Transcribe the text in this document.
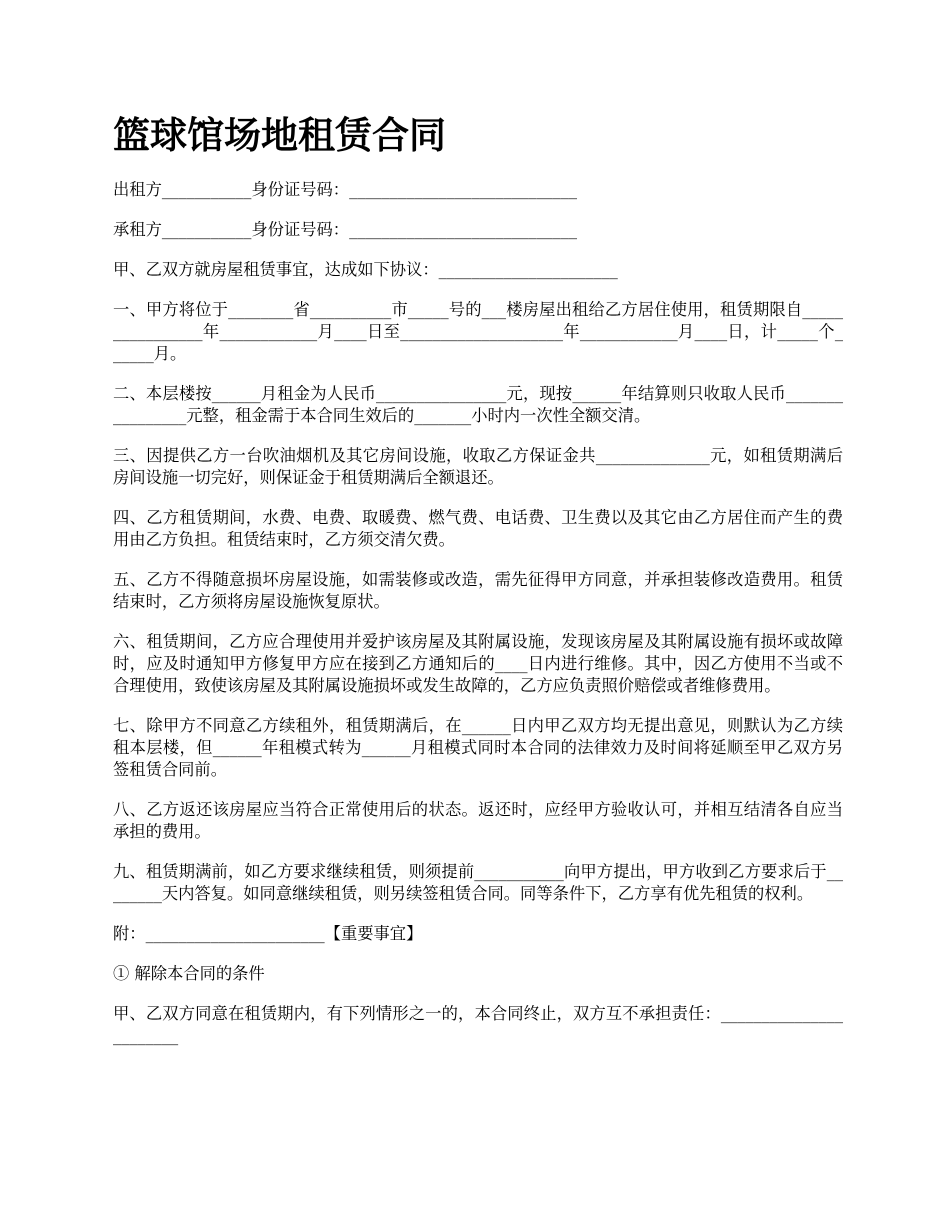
篮球馆场地租赁合同

出租方___________身份证号码：____________________________

承租方___________身份证号码：____________________________

甲、乙双方就房屋租赁事宜，达成如下协议：______________________

一、甲方将位于________省__________市_____号的___楼房屋出租给乙方居住使用，租赁期限自________________年____________月____日至____________________年____________月____日，计_____个______月。

二、本层楼按______月租金为人民币________________元，现按______年结算则只收取人民币________________元整，租金需于本合同生效后的_______小时内一次性全额交清。

三、因提供乙方一台吹油烟机及其它房间设施，收取乙方保证金共______________元，如租赁期满后房间设施一切完好，则保证金于租赁期满后全额退还。

四、乙方租赁期间，水费、电费、取暖费、燃气费、电话费、卫生费以及其它由乙方居住而产生的费用由乙方负担。租赁结束时，乙方须交清欠费。

五、乙方不得随意损坏房屋设施，如需装修或改造，需先征得甲方同意，并承担装修改造费用。租赁结束时，乙方须将房屋设施恢复原状。

六、租赁期间，乙方应合理使用并爱护该房屋及其附属设施，发现该房屋及其附属设施有损坏或故障时，应及时通知甲方修复甲方应在接到乙方通知后的____日内进行维修。其中，因乙方使用不当或不合理使用，致使该房屋及其附属设施损坏或发生故障的，乙方应负责照价赔偿或者维修费用。

七、除甲方不同意乙方续租外，租赁期满后，在______日内甲乙双方均无提出意见，则默认为乙方续租本层楼，但______年租模式转为______月租模式同时本合同的法律效力及时间将延顺至甲乙双方另签租赁合同前。

八、乙方返还该房屋应当符合正常使用后的状态。返还时，应经甲方验收认可，并相互结清各自应当承担的费用。

九、租赁期满前，如乙方要求继续租赁，则须提前___________向甲方提出，甲方收到乙方要求后于________天内答复。如同意继续租赁，则另续签租赁合同。同等条件下，乙方享有优先租赁的权利。

附：______________________【重要事宜】

① 解除本合同的条件

甲、乙双方同意在租赁期内，有下列情形之一的，本合同终止，双方互不承担责任：_______________________
